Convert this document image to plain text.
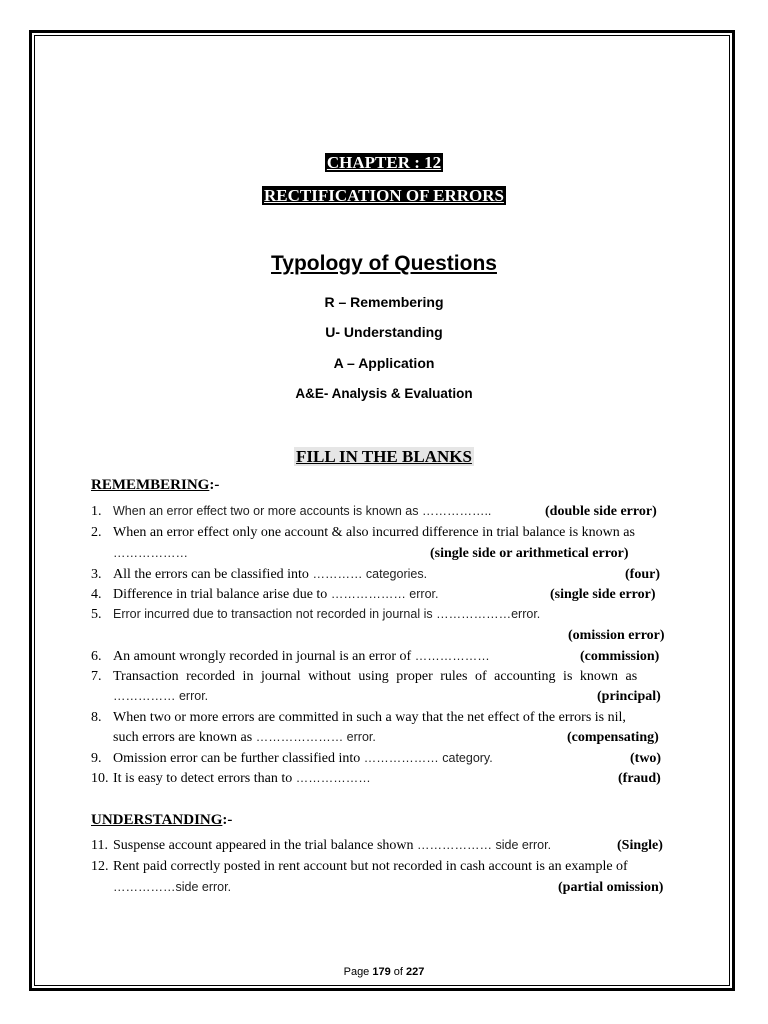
CHAPTER : 12
RECTIFICATION OF ERRORS
Typology of Questions
R – Remembering
U- Understanding
A – Application
A&E- Analysis & Evaluation
FILL IN THE BLANKS
REMEMBERING:-
1. When an error effect two or more accounts is known as ……………..	(double side error)
2. When an error effect only one account & also incurred difference in trial balance is known as
………………	(single side or arithmetical error)
3. All the errors can be classified into ………… categories.	(four)
4. Difference in trial balance arise due to ……………… error.	(single side error)
5. Error incurred due to transaction not recorded in journal is ………………error.
(omission error)
6. An amount wrongly recorded in journal is an error of ………………	(commission)
7. Transaction recorded in journal without using proper rules of accounting is known as
…………… error.	(principal)
8. When two or more errors are committed in such a way that the net effect of the errors is nil,
such errors are known as ………………… error.	(compensating)
9. Omission error can be further classified into ……………… category.	(two)
10. It is easy to detect errors than to ………………	(fraud)
UNDERSTANDING:-
11. Suspense account appeared in the trial balance shown ……………… side error.	(Single)
12. Rent paid correctly posted in rent account but not recorded in cash account is an example of
……………side error.	(partial omission)
Page 179 of 227
